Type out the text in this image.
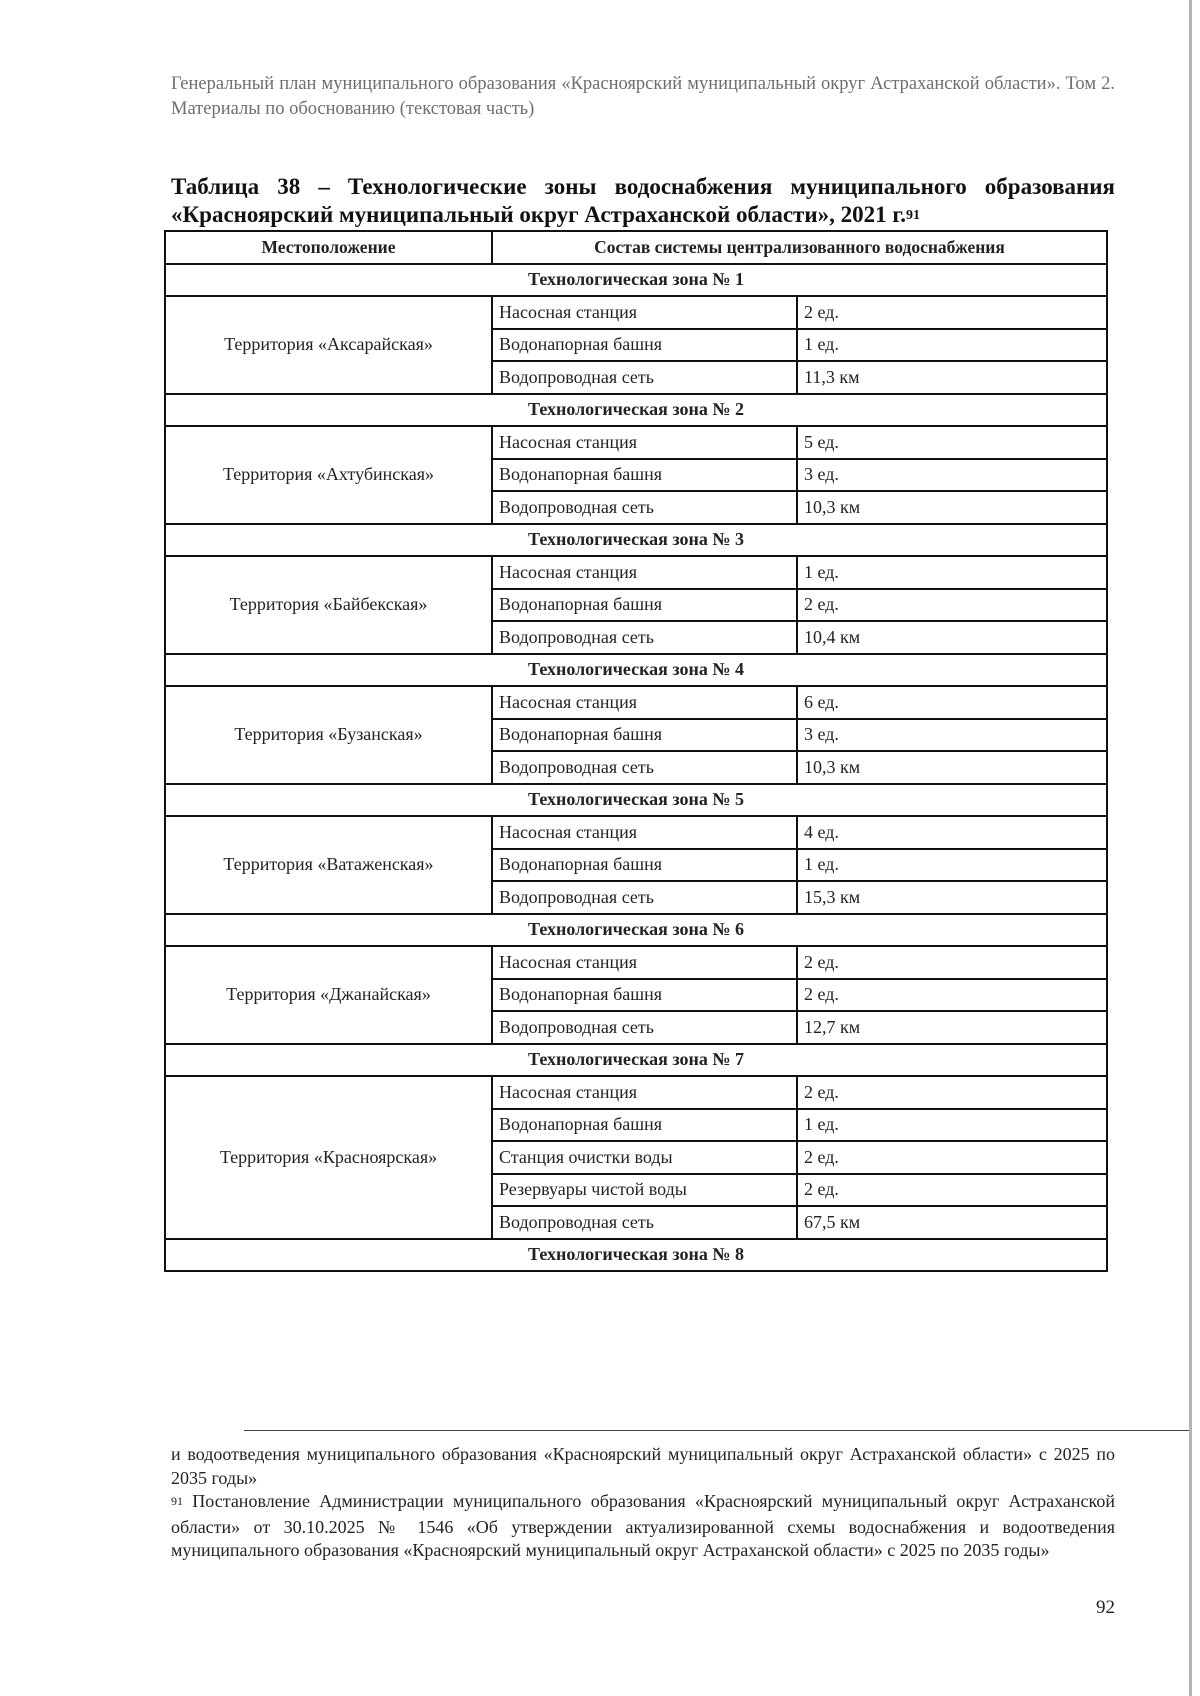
Генеральный план муниципального образования «Красноярский муниципальный округ Астраханской области». Том 2. Материалы по обоснованию (текстовая часть)
Таблица 38 – Технологические зоны водоснабжения муниципального образования «Красноярский муниципальный округ Астраханской области», 2021 г.$^{91}$
Местоположение	Состав системы централизованного водоснабжения	
Технологическая зона № 1		
Территория «Аксарайская»	Насосная станция	2 ед.
	Водонапорная башня	1 ед.
	Водопроводная сеть	11,3 км
Технологическая зона № 2		
Территория «Ахтубинская»	Насосная станция	5 ед.
	Водонапорная башня	3 ед.
	Водопроводная сеть	10,3 км
Технологическая зона № 3		
Территория «Байбекская»	Насосная станция	1 ед.
	Водонапорная башня	2 ед.
	Водопроводная сеть	10,4 км
Технологическая зона № 4		
Территория «Бузанская»	Насосная станция	6 ед.
	Водонапорная башня	3 ед.
	Водопроводная сеть	10,3 км
Технологическая зона № 5		
Территория «Ватаженская»	Насосная станция	4 ед.
	Водонапорная башня	1 ед.
	Водопроводная сеть	15,3 км
Технологическая зона № 6		
Территория «Джанайская»	Насосная станция	2 ед.
	Водонапорная башня	2 ед.
	Водопроводная сеть	12,7 км
Технологическая зона № 7		
Территория «Красноярская»	Насосная станция	2 ед.
	Водонапорная башня	1 ед.
	Станция очистки воды	2 ед.
	Резервуары чистой воды	2 ед.
	Водопроводная сеть	67,5 км
Технологическая зона № 8		

и водоотведения муниципального образования «Красноярский муниципальный округ Астраханской области» с 2025 по 2035 годы»

$^{91}$ Постановление Администрации муниципального образования «Красноярский муниципальный округ Астраханской области» от 30.10.2025 № 1546 «Об утверждении актуализированной схемы водоснабжения и водоотведения муниципального образования «Красноярский муниципальный округ Астраханской области» с 2025 по 2035 годы»

92
